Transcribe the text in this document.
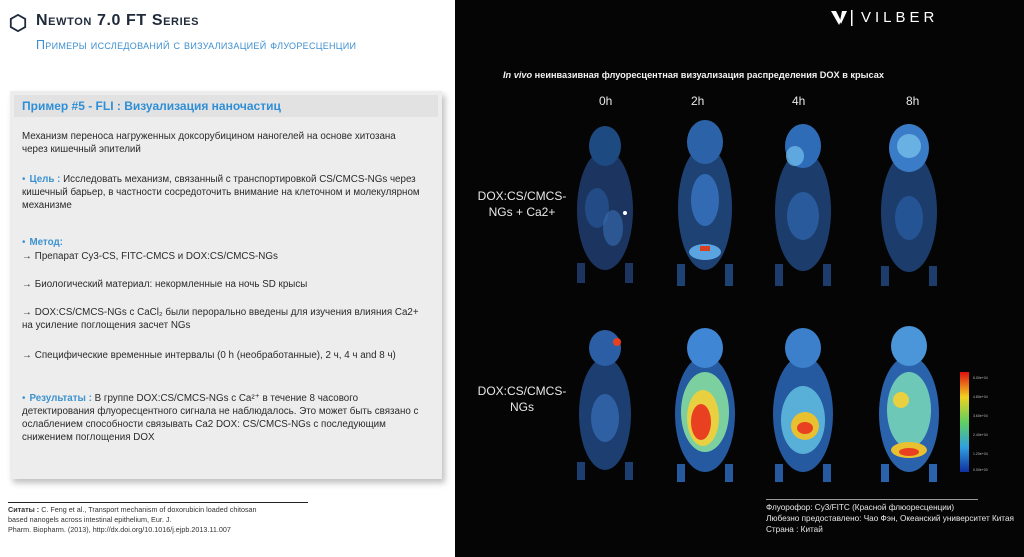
Newton 7.0 FT Series
Примеры исследований с визуализацией флуоресценции
Пример #5 - FLI : Визуализация наночастиц
Механизм переноса нагруженных доксорубицином наногелей на основе хитозана через кишечный эпителий
• Цель : Исследовать механизм, связанный с транспортировкой CS/CMCS-NGs через кишечный барьер, в частности сосредоточить внимание на клеточном и молекулярном механизме
• Метод:
→ Препарат Cy3-CS, FITC-CMCS и DOX:CS/CMCS-NGs
→ Биологический материал: некормленные на ночь SD крысы
→ DOX:CS/CMCS-NGs с CaCl₂ были перорально введены для изучения влияния Ca2+ на усиление поглощения засчет NGs
→ Специфические временные интервалы (0 h (необработанные), 2 ч, 4 ч and 8 ч)
• Результаты : В группе DOX:CS/CMCS-NGs с Ca²⁺ в течение 8 часового детектирования флуоресцентного сигнала не наблюдалось. Это может быть связано с ослаблением способности связывать Ca2 DOX: CS/CMCS-NGs с последующим снижением поглощения DOX
Ситаты : C. Feng et al., Transport mechanism of doxorubicin loaded chitosan
based nanogels across intestinal epithelium, Eur. J.
Pharm. Biopharm. (2013), http://dx.doi.org/10.1016/j.ejpb.2013.11.007
VILBER
In vivo неинвазивная флуоресцентная визуализация распределения DOX в крысах
0h	2h	4h	8h
DOX:CS/CMCS-NGs + Ca2+
DOX:CS/CMCS-NGs
6.00e+04
4.80e+04
3.60e+04
2.40e+04
1.20e+04
0.00e+00
Флуорофор: Cy3/FITC (Красной флюоресценции)
Любезно предоставлено: Чао Фэн, Океанский университет Китая
Страна : Китай
